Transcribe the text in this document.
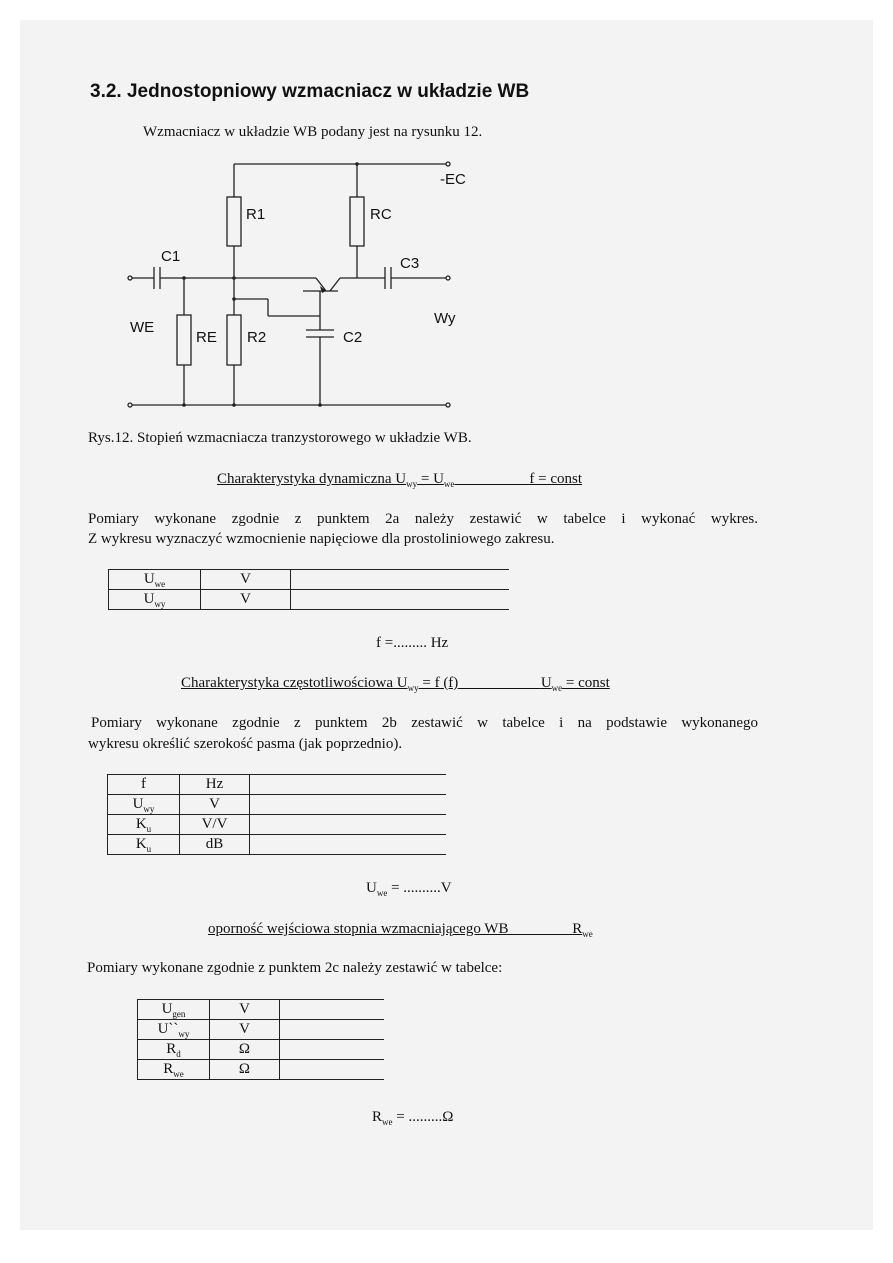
3.2. Jednostopniowy wzmacniacz w układzie WB
Wzmacniacz w układzie WB podany jest na rysunku 12.
-EC
R1	RC
C1	C3
WE
Wy
RE R2	C2
Rys.12. Stopień wzmacniacza tranzystorowego w układzie WB.
Charakterystyka dynamiczna $U_{wy} = U_{we}$	f = const
Pomiary wykonane zgodnie z punktem 2a należy zestawić w tabelce i wykonać wykres.
Z wykresu wyznaczyć wzmocnienie napięciowe dla prostoliniowego zakresu.
$U_{we}$	V	
$U_{wy}$	V	
f =......... Hz
Charakterystyka częstotliwościowa $U_{wy} = f$ (f)	$U_{we}$ = const
Pomiary wykonane zgodnie z punktem 2b zestawić w tabelce i na podstawie wykonanego
wykresu określić szerokość pasma (jak poprzednio).
f	Hz	
$U_{wy}$	V	
$K_u$	V/V	
$K_u$	dB	
$U_{we} = ..........V$
oporność wejściowa stopnia wzmacniającego WB	$R_{we}$
Pomiary wykonane zgodnie z punktem 2c należy zestawić w tabelce:
$U_{gen}$	V	
$U``_{wy}$	V	
$R_d$	Ω	
$R_{we}$	Ω	
$R_{we} = .........\Omega$
